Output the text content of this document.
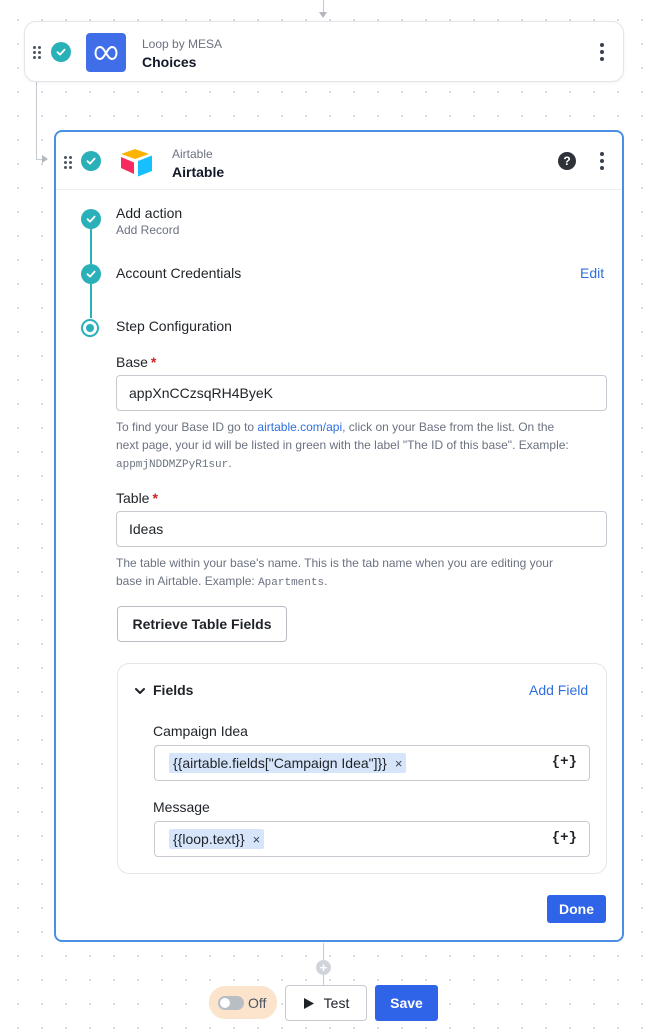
+
Loop by MESA
Choices
Airtable
Airtable
?
Add action
Add Record
Account Credentials	Edit
Step Configuration
Base *
appXnCCzsqRH4ByeK
To find your Base ID go to airtable.com/api, click on your Base from the list. On the
next page, your id will be listed in green with the label "The ID of this base". Example:
appmjNDDMZPyR1sur.
Table *
Ideas
The table within your base's name. This is the tab name when you are editing your
base in Airtable. Example: Apartments.
Retrieve Table Fields
Fields	Add Field
Campaign Idea
{{airtable.fields["Campaign Idea"]}} ×	{+}
Message
{{loop.text}} ×	{+}
Done
Off	Test	Save
